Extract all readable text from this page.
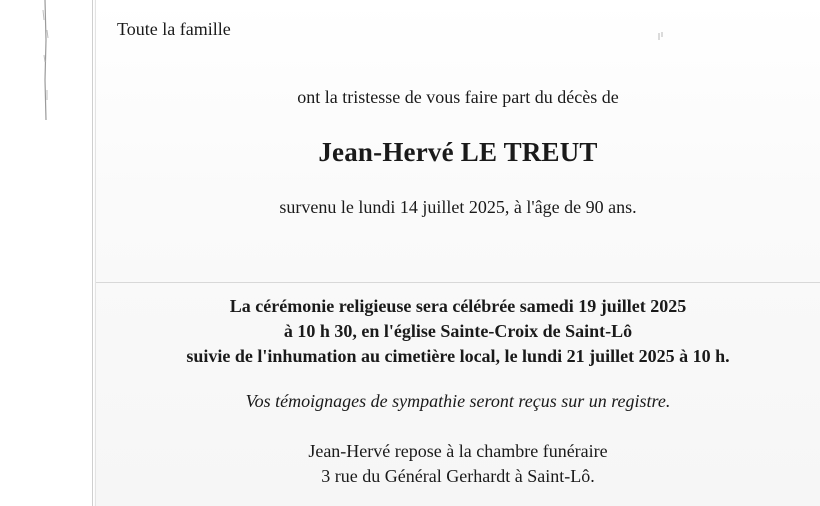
Toute la famille

ont la tristesse de vous faire part du décès de

Jean-Hervé LE TREUT

survenu le lundi 14 juillet 2025, à l'âge de 90 ans.

La cérémonie religieuse sera célébrée samedi 19 juillet 2025
à 10 h 30, en l'église Sainte-Croix de Saint-Lô
suivie de l'inhumation au cimetière local, le lundi 21 juillet 2025 à 10 h.

Vos témoignages de sympathie seront reçus sur un registre.

Jean-Hervé repose à la chambre funéraire
3 rue du Général Gerhardt à Saint-Lô.
